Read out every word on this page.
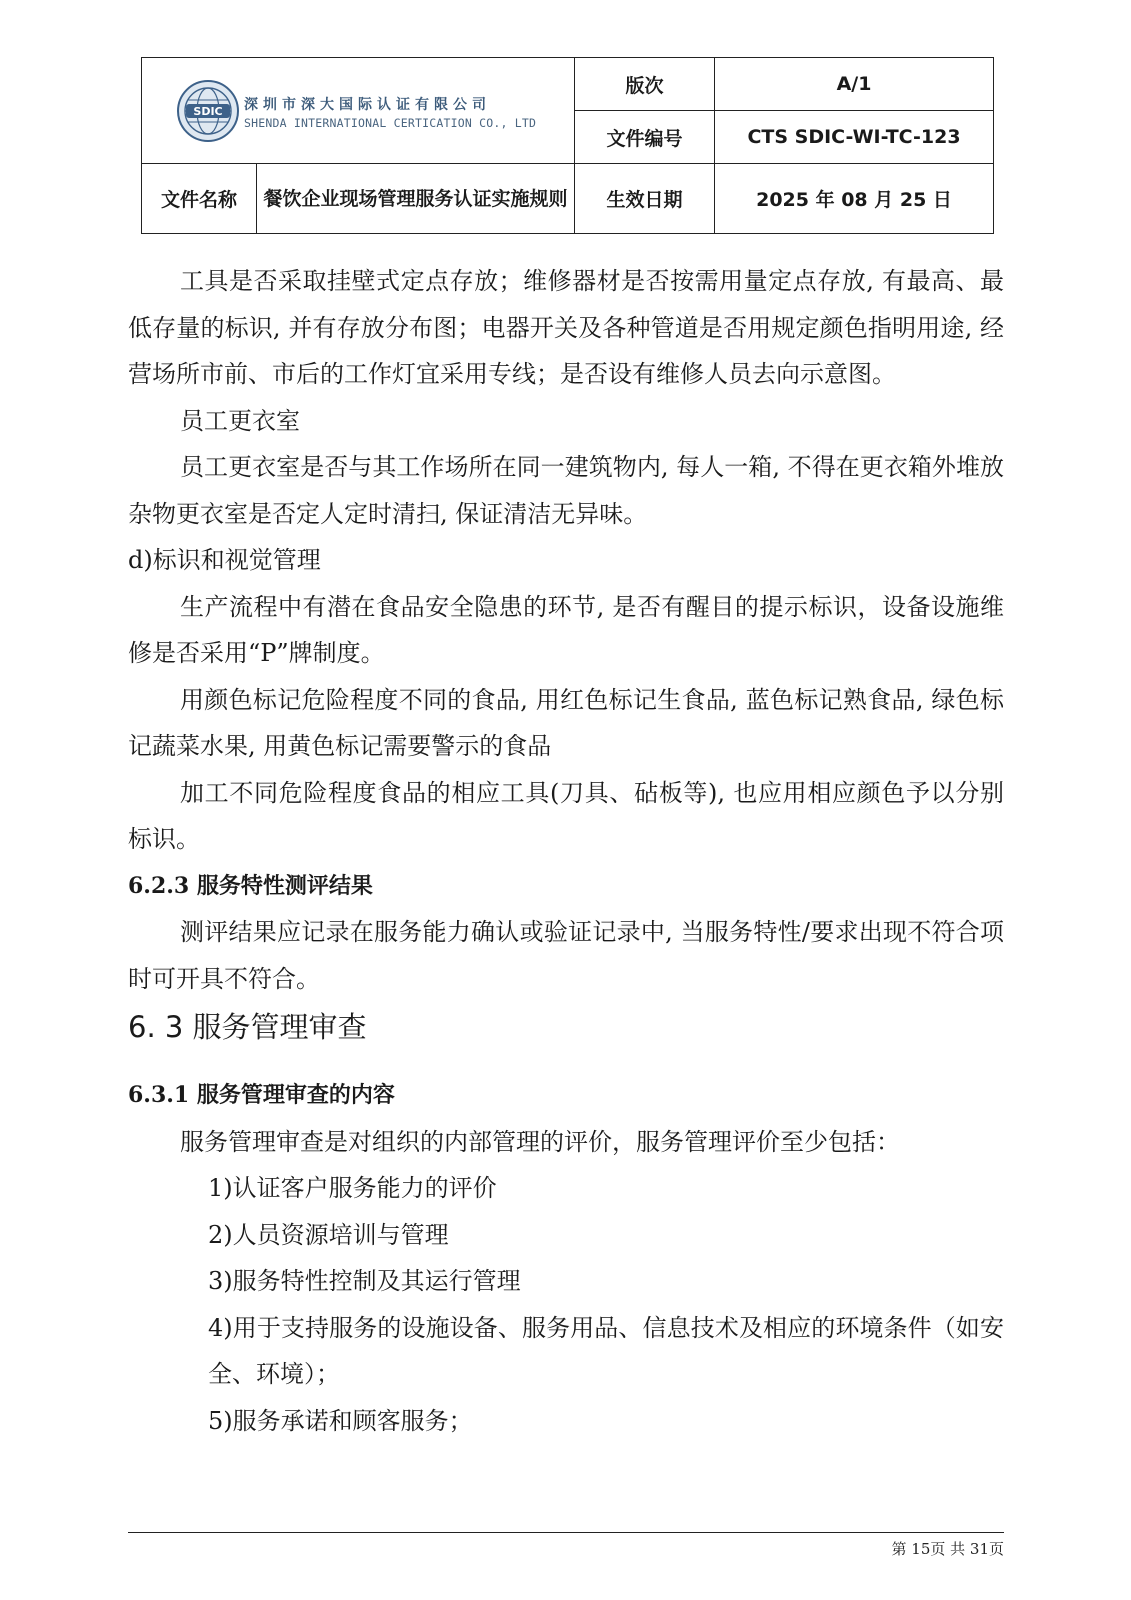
SDIC 深圳市深大国际认证有限公司
SHENDA INTERNATIONAL CERTICATION CO., LTD		版次	A/1
		文件编号	CTS SDIC-WI-TC-123
文件名称	餐饮企业现场管理服务认证实施规则	生效日期	2025 年 08 月 25 日

工具是否采取挂壁式定点存放；维修器材是否按需用量定点存放, 有最高、最低存量的标识, 并有存放分布图；电器开关及各种管道是否用规定颜色指明用途, 经营场所市前、市后的工作灯宜采用专线；是否设有维修人员去向示意图。

员工更衣室

员工更衣室是否与其工作场所在同一建筑物内, 每人一箱, 不得在更衣箱外堆放杂物更衣室是否定人定时清扫, 保证清洁无异味。

d)标识和视觉管理

生产流程中有潜在食品安全隐患的环节, 是否有醒目的提示标识，设备设施维修是否采用“P”牌制度。

用颜色标记危险程度不同的食品, 用红色标记生食品, 蓝色标记熟食品, 绿色标记蔬菜水果, 用黄色标记需要警示的食品

加工不同危险程度食品的相应工具(刀具、砧板等), 也应用相应颜色予以分别标识。

6.2.3 服务特性测评结果

测评结果应记录在服务能力确认或验证记录中, 当服务特性/要求出现不符合项时可开具不符合。

6. 3 服务管理审查

6.3.1 服务管理审查的内容

服务管理审查是对组织的内部管理的评价，服务管理评价至少包括：

1)认证客户服务能力的评价

2)人员资源培训与管理

3)服务特性控制及其运行管理

4)用于支持服务的设施设备、服务用品、信息技术及相应的环境条件（如安全、环境）；

5)服务承诺和顾客服务；

第 15页 共 31页
